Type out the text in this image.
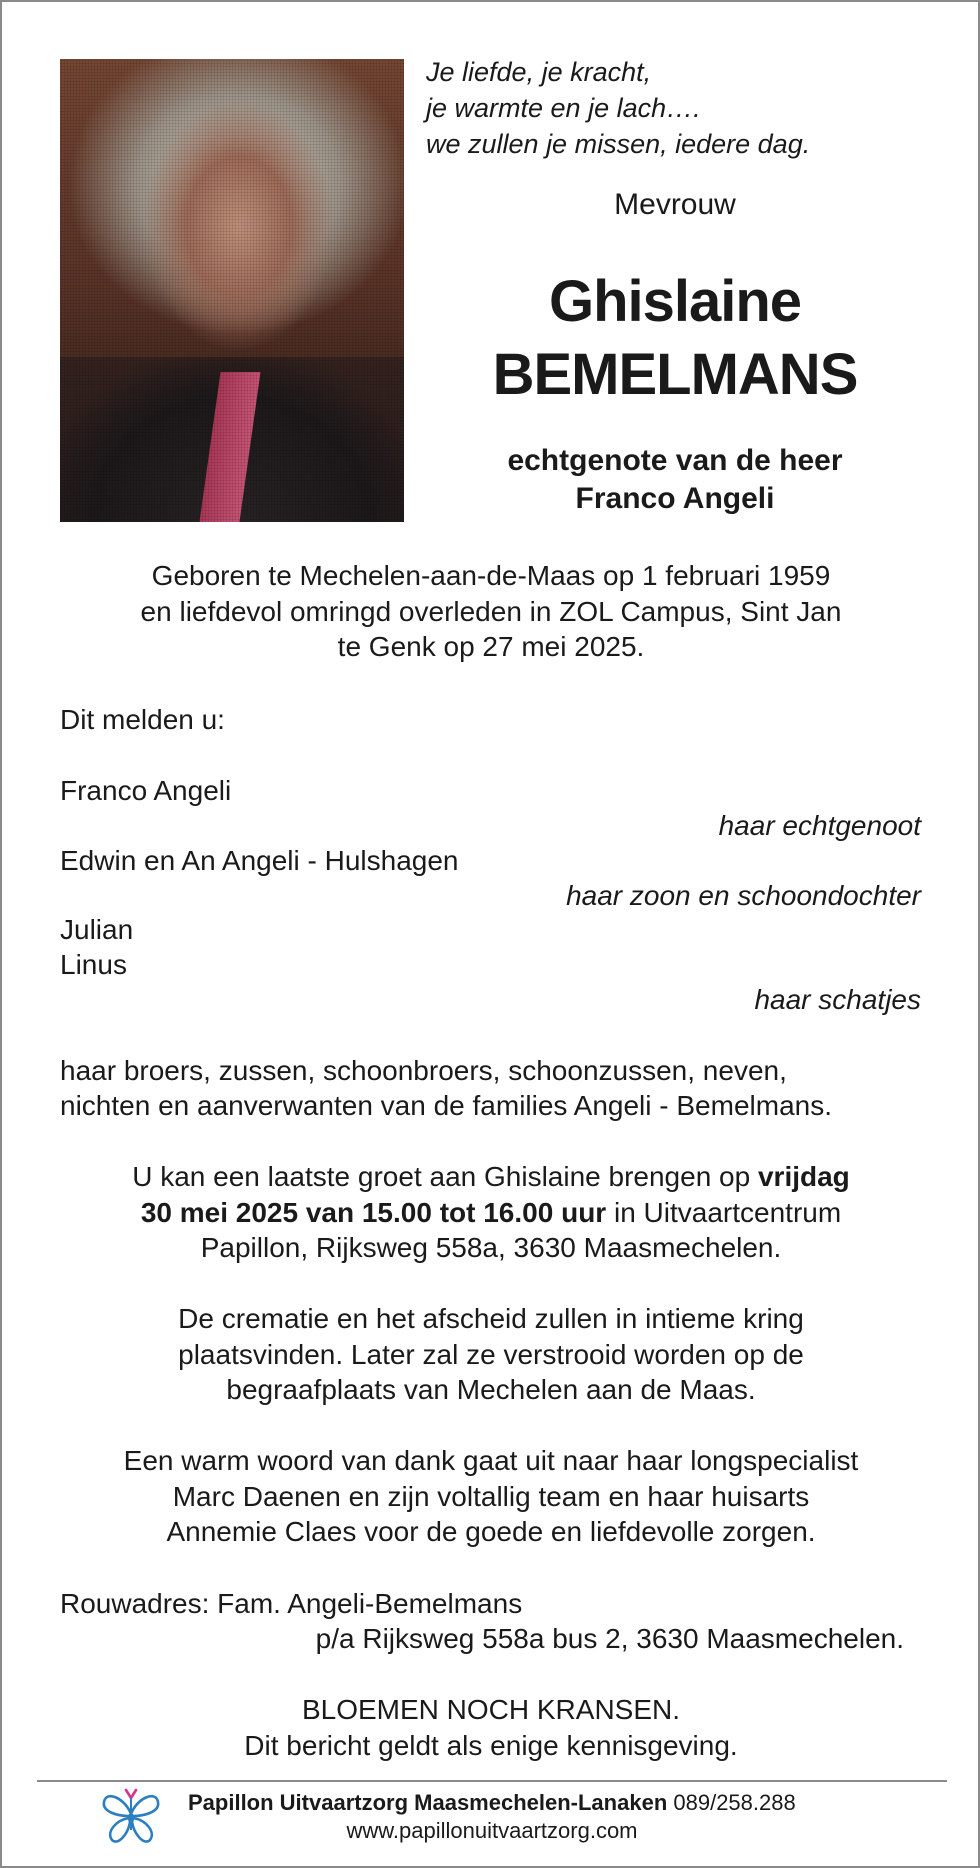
Je liefde, je kracht,
je warmte en je lach….
we zullen je missen, iedere dag.
Mevrouw
Ghislaine
BEMELMANS
echtgenote van de heer
Franco Angeli
Geboren te Mechelen-aan-de-Maas op 1 februari 1959
en liefdevol omringd overleden in ZOL Campus, Sint Jan
te Genk op 27 mei 2025.
Dit melden u:
Franco Angeli
haar echtgenoot
Edwin en An Angeli - Hulshagen
haar zoon en schoondochter
Julian
Linus
haar schatjes
haar broers, zussen, schoonbroers, schoonzussen, neven,
nichten en aanverwanten van de families Angeli - Bemelmans.
U kan een laatste groet aan Ghislaine brengen op vrijdag
30 mei 2025 van 15.00 tot 16.00 uur in Uitvaartcentrum
Papillon, Rijksweg 558a, 3630 Maasmechelen.
De crematie en het afscheid zullen in intieme kring
plaatsvinden. Later zal ze verstrooid worden op de
begraafplaats van Mechelen aan de Maas.
Een warm woord van dank gaat uit naar haar longspecialist
Marc Daenen en zijn voltallig team en haar huisarts
Annemie Claes voor de goede en liefdevolle zorgen.
Rouwadres: Fam. Angeli-Bemelmans
p/a Rijksweg 558a bus 2, 3630 Maasmechelen.
BLOEMEN NOCH KRANSEN.
Dit bericht geldt als enige kennisgeving.
Papillon Uitvaartzorg Maasmechelen-Lanaken 089/258.288
www.papillonuitvaartzorg.com
